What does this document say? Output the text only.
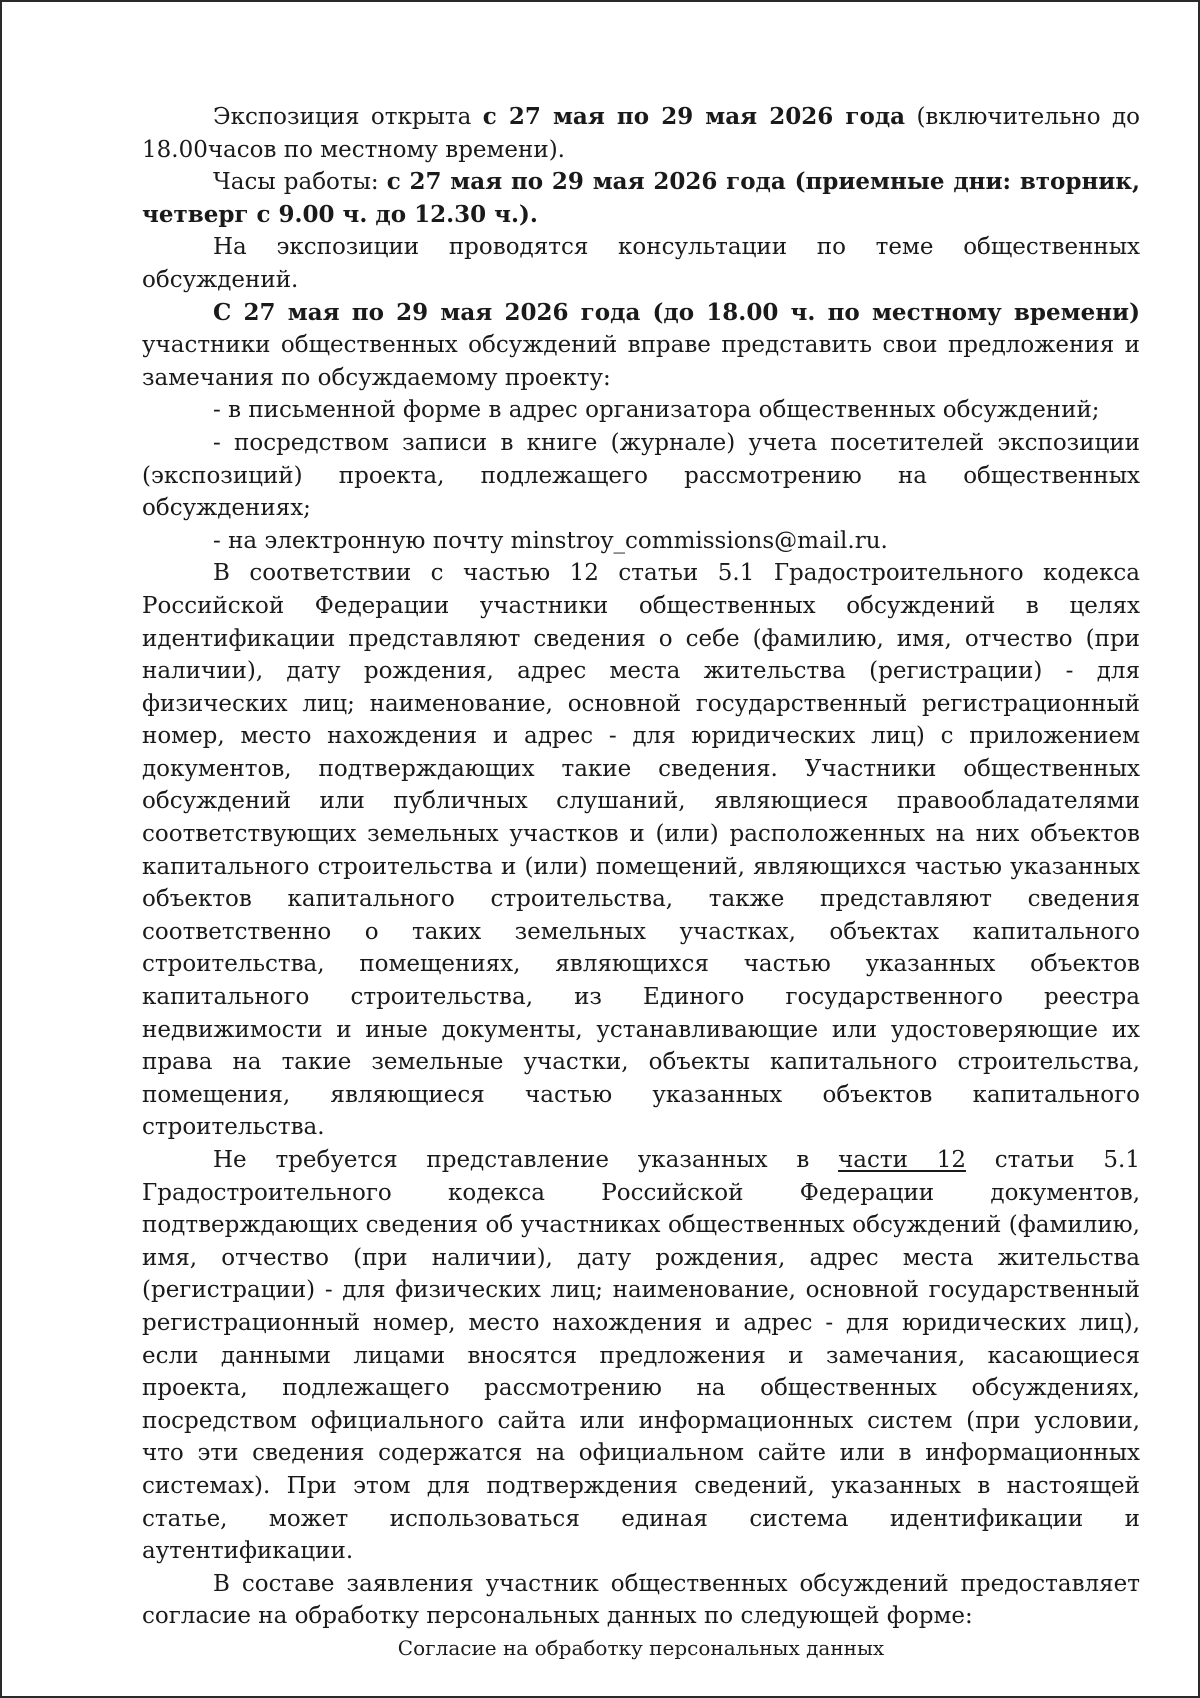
Экспозиция открыта с 27 мая по 29 мая 2026 года (включительно до 18.00часов по местному времени).

Часы работы: с 27 мая по 29 мая 2026 года (приемные дни: вторник, четверг с 9.00 ч. до 12.30 ч.).

На экспозиции проводятся консультации по теме общественных обсуждений.

С 27 мая по 29 мая 2026 года (до 18.00 ч. по местному времени) участники общественных обсуждений вправе представить свои предложения и замечания по обсуждаемому проекту:

- в письменной форме в адрес организатора общественных обсуждений;

- посредством записи в книге (журнале) учета посетителей экспозиции (экспозиций) проекта, подлежащего рассмотрению на общественных обсуждениях;

- на электронную почту minstroy_commissions@mail.ru.

В соответствии с частью 12 статьи 5.1 Градостроительного кодекса Российской Федерации участники общественных обсуждений в целях идентификации представляют сведения о себе (фамилию, имя, отчество (при наличии), дату рождения, адрес места жительства (регистрации) - для физических лиц; наименование, основной государственный регистрационный номер, место нахождения и адрес - для юридических лиц) с приложением документов, подтверждающих такие сведения. Участники общественных обсуждений или публичных слушаний, являющиеся правообладателями соответствующих земельных участков и (или) расположенных на них объектов капитального строительства и (или) помещений, являющихся частью указанных объектов капитального строительства, также представляют сведения соответственно о таких земельных участках, объектах капитального строительства, помещениях, являющихся частью указанных объектов капитального строительства, из Единого государственного реестра недвижимости и иные документы, устанавливающие или удостоверяющие их права на такие земельные участки, объекты капитального строительства, помещения, являющиеся частью указанных объектов капитального строительства.

Не требуется представление указанных в части 12 статьи 5.1 Градостроительного кодекса Российской Федерации документов, подтверждающих сведения об участниках общественных обсуждений (фамилию, имя, отчество (при наличии), дату рождения, адрес места жительства (регистрации) - для физических лиц; наименование, основной государственный регистрационный номер, место нахождения и адрес - для юридических лиц), если данными лицами вносятся предложения и замечания, касающиеся проекта, подлежащего рассмотрению на общественных обсуждениях, посредством официального сайта или информационных систем (при условии, что эти сведения содержатся на официальном сайте или в информационных системах). При этом для подтверждения сведений, указанных в настоящей статье, может использоваться единая система идентификации и аутентификации.

В составе заявления участник общественных обсуждений предоставляет согласие на обработку персональных данных по следующей форме:

Согласие на обработку персональных данных
